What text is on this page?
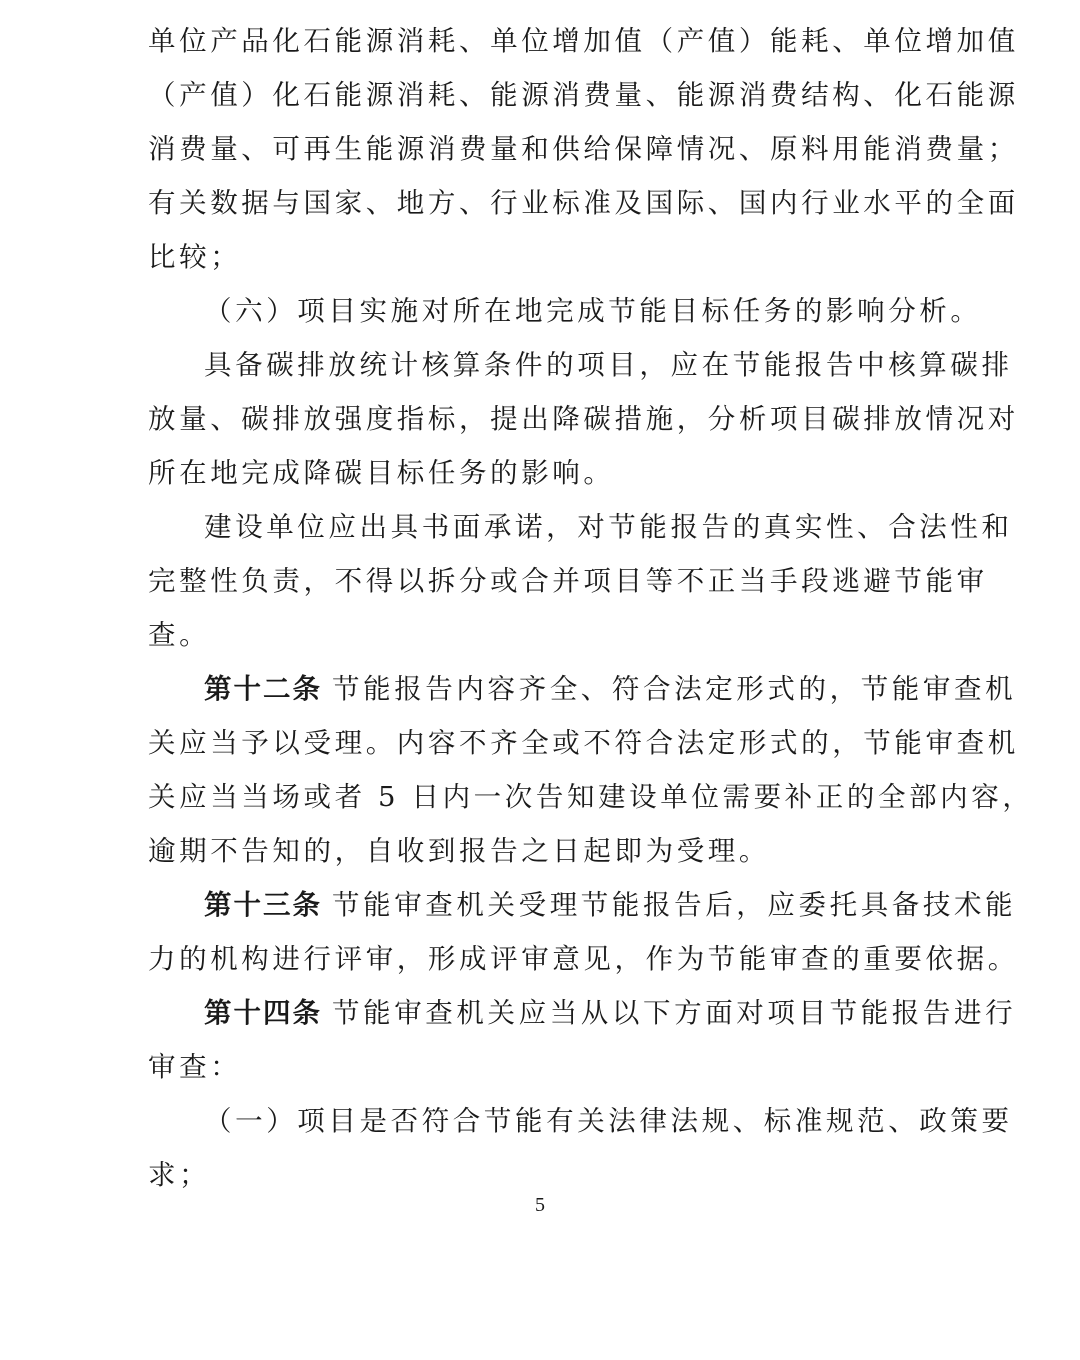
单位产品化石能源消耗、单位增加值（产值）能耗、单位增加值
（产值）化石能源消耗、能源消费量、能源消费结构、化石能源
消费量、可再生能源消费量和供给保障情况、原料用能消费量；
有关数据与国家、地方、行业标准及国际、国内行业水平的全面
比较；
（六）项目实施对所在地完成节能目标任务的影响分析。
具备碳排放统计核算条件的项目，应在节能报告中核算碳排
放量、碳排放强度指标，提出降碳措施，分析项目碳排放情况对
所在地完成降碳目标任务的影响。
建设单位应出具书面承诺，对节能报告的真实性、合法性和
完整性负责，不得以拆分或合并项目等不正当手段逃避节能审
查。
第十二条 节能报告内容齐全、符合法定形式的，节能审查机
关应当予以受理。内容不齐全或不符合法定形式的，节能审查机
关应当当场或者 5 日内一次告知建设单位需要补正的全部内容，
逾期不告知的，自收到报告之日起即为受理。
第十三条 节能审查机关受理节能报告后，应委托具备技术能
力的机构进行评审，形成评审意见，作为节能审查的重要依据。
第十四条 节能审查机关应当从以下方面对项目节能报告进行
审查：
（一）项目是否符合节能有关法律法规、标准规范、政策要
求；
5
